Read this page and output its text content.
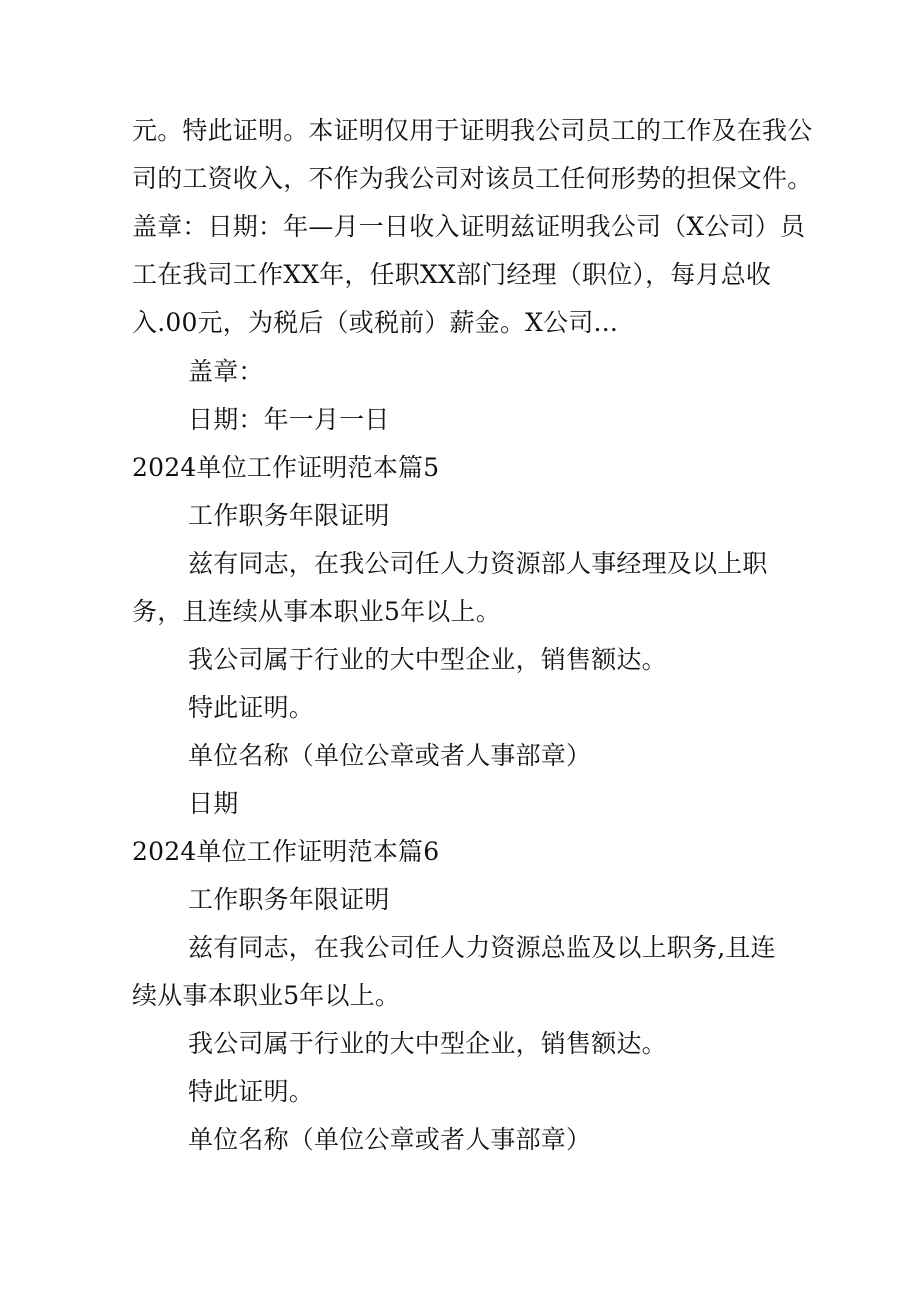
元。特此证明。本证明仅用于证明我公司员工的工作及在我公
司的工资收入，不作为我公司对该员工任何形势的担保文件。
盖章：日期：年—月一日收入证明兹证明我公司（X公司）员
工在我司工作XX年，任职XX部门经理（职位），每月总收
入.00元，为税后（或税前）薪金。X公司...
盖章：
日期：年一月一日
2024单位工作证明范本篇5
工作职务年限证明
兹有同志，在我公司任人力资源部人事经理及以上职
务，且连续从事本职业5年以上。
我公司属于行业的大中型企业，销售额达。
特此证明。
单位名称（单位公章或者人事部章）
日期
2024单位工作证明范本篇6
工作职务年限证明
兹有同志，在我公司任人力资源总监及以上职务,且连
续从事本职业5年以上。
我公司属于行业的大中型企业，销售额达。
特此证明。
单位名称（单位公章或者人事部章）
